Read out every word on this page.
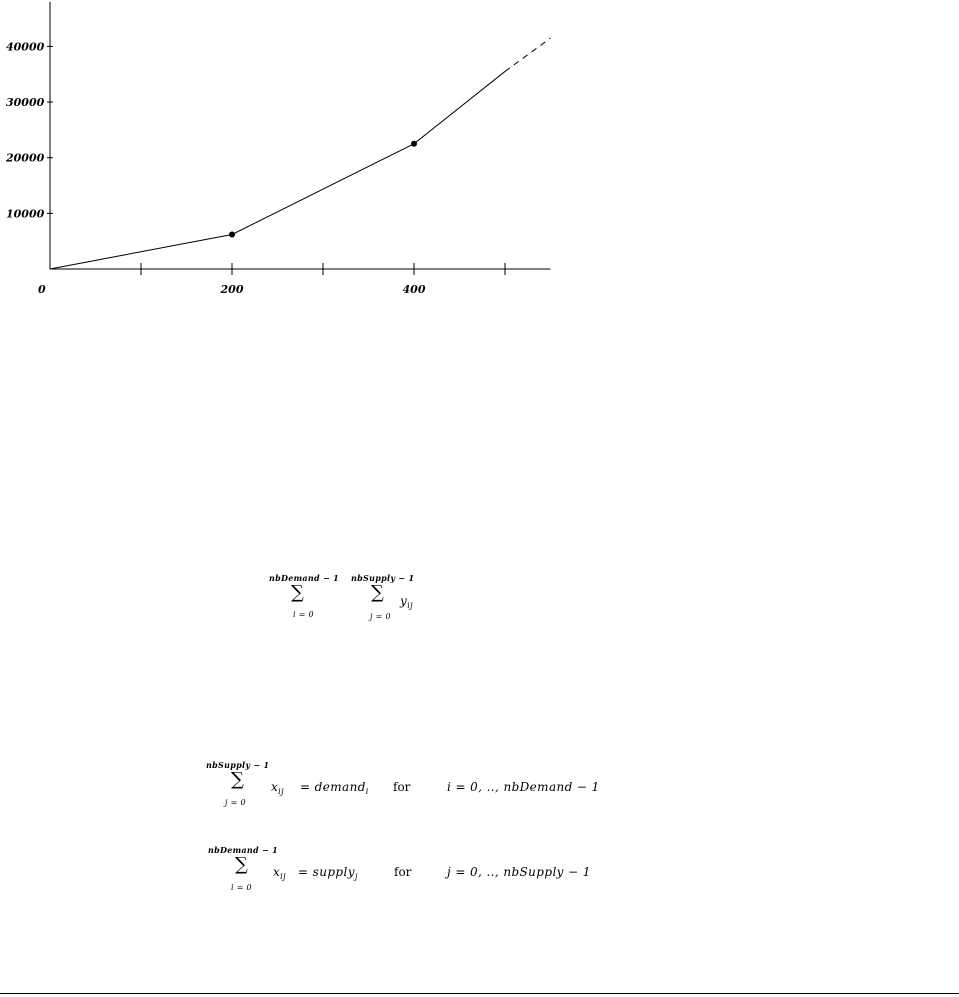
0	200	400
10000
20000
30000
40000
nbDemand − 1 nbSupply − 1
∑	∑
i = 0	j = 0
$y_{ij}$
nbSupply − 1
∑
j = 0
$x_{ij}$ = demand$_i$ for	i = 0, .., nbDemand − 1
nbDemand − 1
∑
i = 0
$x_{ij}$ = supply$_j$	for	j = 0, .., nbSupply − 1
